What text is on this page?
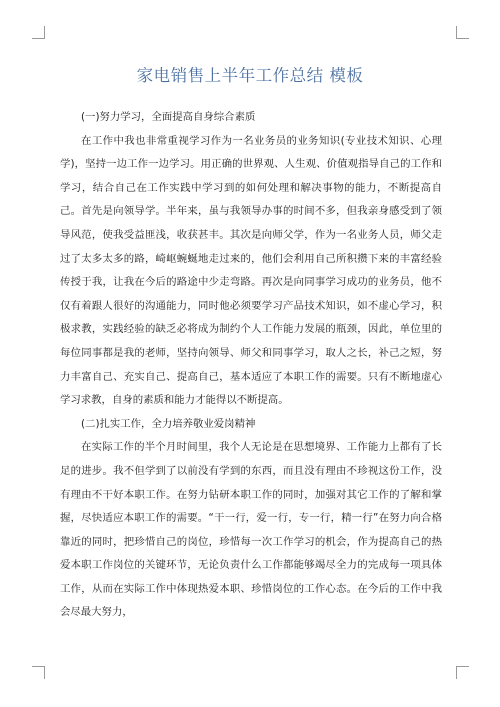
家电销售上半年工作总结 模板

(一)努力学习，全面提高自身综合素质

在工作中我也非常重视学习作为一名业务员的业务知识(专业技术知识、心理学)，坚持一边工作一边学习。用正确的世界观、人生观、价值观指导自己的工作和学习，结合自己在工作实践中学习到的如何处理和解决事物的能力，不断提高自己。首先是向领导学。半年来，虽与我领导办事的时间不多，但我亲身感受到了领导风范，使我受益匪浅，收获甚丰。其次是向师父学，作为一名业务人员，师父走过了太多太多的路，崎岖蜿蜒地走过来的，他们会利用自己所积攒下来的丰富经验传授于我，让我在今后的路途中少走弯路。再次是向同事学习成功的业务员，他不仅有着跟人很好的沟通能力，同时他必须要学习产品技术知识，如不虚心学习，积极求教，实践经验的缺乏必将成为制约个人工作能力发展的瓶颈，因此，单位里的每位同事都是我的老师，坚持向领导、师父和同事学习，取人之长，补己之短，努力丰富自己、充实自己、提高自己，基本适应了本职工作的需要。只有不断地虚心学习求教，自身的素质和能力才能得以不断提高。

(二)扎实工作，全力培养敬业爱岗精神

在实际工作的半个月时间里，我个人无论是在思想境界、工作能力上都有了长足的进步。我不但学到了以前没有学到的东西，而且没有理由不珍视这份工作，没有理由不干好本职工作。在努力钻研本职工作的同时，加强对其它工作的了解和掌握，尽快适应本职工作的需要。“干一行，爱一行，专一行，精一行”在努力向合格靠近的同时，把珍惜自己的岗位，珍惜每一次工作学习的机会，作为提高自己的热爱本职工作岗位的关键环节，无论负责什么工作都能够竭尽全力的完成每一项具体工作，从而在实际工作中体现热爱本职、珍惜岗位的工作心态。在今后的工作中我会尽最大努力，
